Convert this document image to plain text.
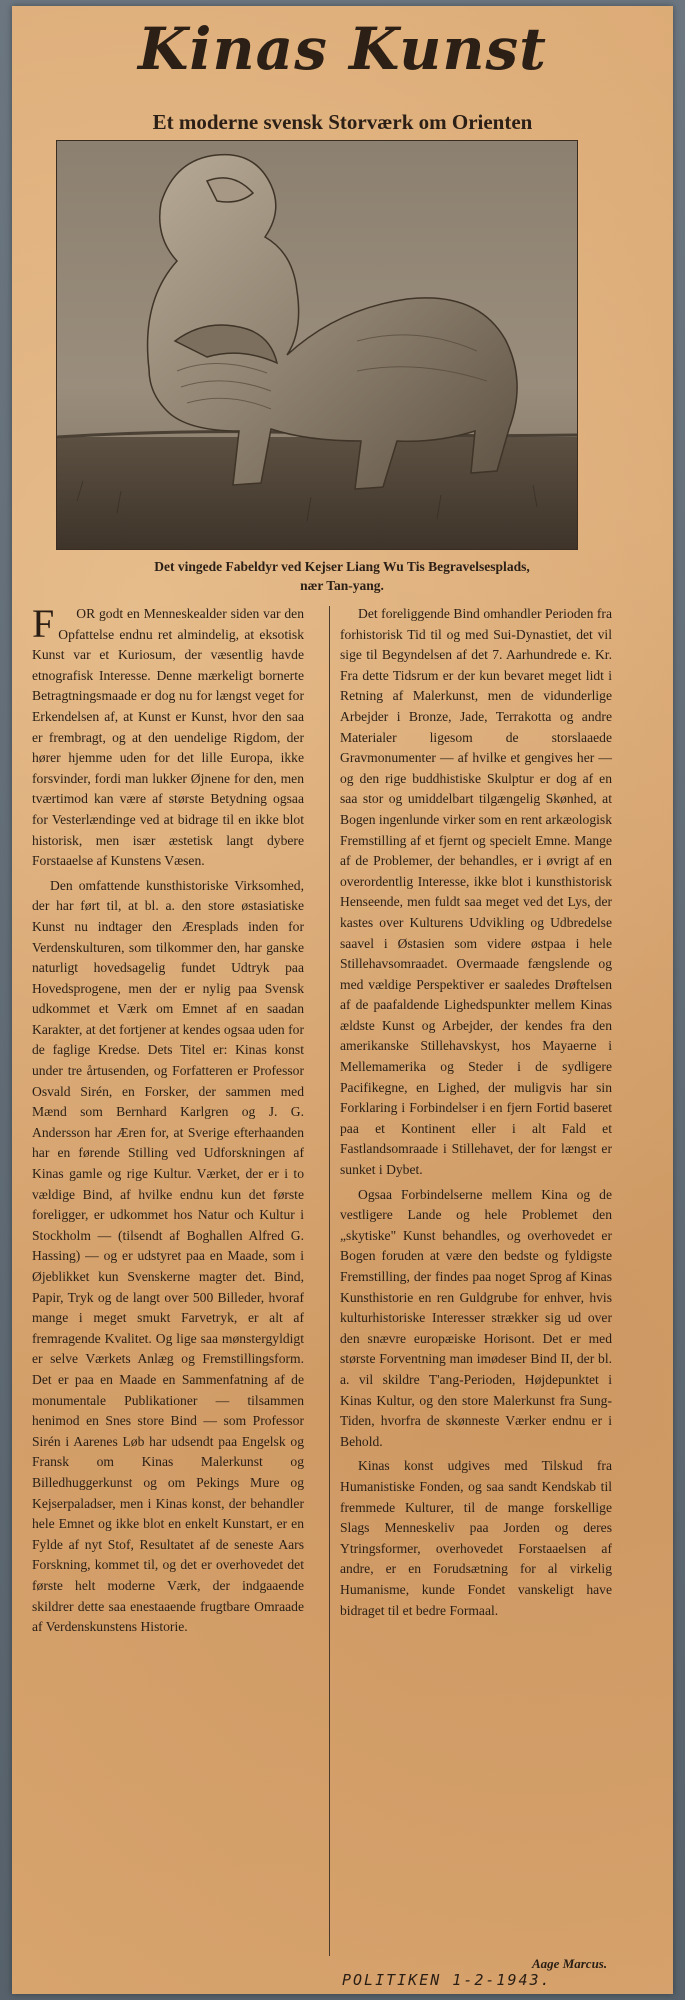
Kinas Kunst
Et moderne svensk Storværk om Orienten
Det vingede Fabeldyr ved Kejser Liang Wu Tis Begravelsesplads,
nær Tan-yang.

F OR godt en Menneskealder siden var den Opfattelse endnu ret almindelig, at eksotisk Kunst var et Kuriosum, der væsentlig havde etnografisk Interesse. Denne mærkeligt bornerte Betragtningsmaade er dog nu for længst veget for Erkendelsen af, at Kunst er Kunst, hvor den saa er frembragt, og at den uendelige Rigdom, der hører hjemme uden for det lille Europa, ikke forsvinder, fordi man lukker Øjnene for den, men tværtimod kan være af største Betydning ogsaa for Vesterlændinge ved at bidrage til en ikke blot historisk, men især æstetisk langt dybere Forstaaelse af Kunstens Væsen.

Den omfattende kunsthistoriske Virksomhed, der har ført til, at bl. a. den store østasiatiske Kunst nu indtager den Æresplads inden for Verdenskulturen, som tilkommer den, har ganske naturligt hovedsagelig fundet Udtryk paa Hovedsprogene, men der er nylig paa Svensk udkommet et Værk om Emnet af en saadan Karakter, at det fortjener at kendes ogsaa uden for de faglige Kredse. Dets Titel er: Kinas konst under tre årtusenden, og Forfatteren er Professor Osvald Sirén, en Forsker, der sammen med Mænd som Bernhard Karlgren og J. G. Andersson har Æren for, at Sverige efterhaanden har en førende Stilling ved Udforskningen af Kinas gamle og rige Kultur. Værket, der er i to vældige Bind, af hvilke endnu kun det første foreligger, er udkommet hos Natur och Kultur i Stockholm — (tilsendt af Boghallen Alfred G. Hassing) — og er udstyret paa en Maade, som i Øjeblikket kun Svenskerne magter det. Bind, Papir, Tryk og de langt over 500 Billeder, hvoraf mange i meget smukt Farvetryk, er alt af fremragende Kvalitet. Og lige saa mønstergyldigt er selve Værkets Anlæg og Fremstillingsform. Det er paa en Maade en Sammenfatning af de monumentale Publikationer — tilsammen henimod en Snes store Bind — som Professor Sirén i Aarenes Løb har udsendt paa Engelsk og Fransk om Kinas Malerkunst og Billedhuggerkunst og om Pekings Mure og Kejserpaladser, men i Kinas konst, der behandler hele Emnet og ikke blot en enkelt Kunstart, er en Fylde af nyt Stof, Resultatet af de seneste Aars Forskning, kommet til, og det er overhovedet det første helt moderne Værk, der indgaaende skildrer dette saa enestaaende frugtbare Omraade af Verdenskunstens Historie.

Det foreliggende Bind omhandler Perioden fra forhistorisk Tid til og med Sui-Dynastiet, det vil sige til Begyndelsen af det 7. Aarhundrede e. Kr. Fra dette Tidsrum er der kun bevaret meget lidt i Retning af Malerkunst, men de vidunderlige Arbejder i Bronze, Jade, Terrakotta og andre Materialer ligesom de storslaaede Gravmonumenter — af hvilke et gengives her — og den rige buddhistiske Skulptur er dog af en saa stor og umiddelbart tilgængelig Skønhed, at Bogen ingenlunde virker som en rent arkæologisk Fremstilling af et fjernt og specielt Emne. Mange af de Problemer, der behandles, er i øvrigt af en overordentlig Interesse, ikke blot i kunsthistorisk Henseende, men fuldt saa meget ved det Lys, der kastes over Kulturens Udvikling og Udbredelse saavel i Østasien som videre østpaa i hele Stillehavsomraadet. Overmaade fængslende og med vældige Perspektiver er saaledes Drøftelsen af de paafaldende Lighedspunkter mellem Kinas ældste Kunst og Arbejder, der kendes fra den amerikanske Stillehavskyst, hos Mayaerne i Mellemamerika og Steder i de sydligere Pacifikegne, en Lighed, der muligvis har sin Forklaring i Forbindelser i en fjern Fortid baseret paa et Kontinent eller i alt Fald et Fastlandsomraade i Stillehavet, der for længst er sunket i Dybet.

Ogsaa Forbindelserne mellem Kina og de vestligere Lande og hele Problemet den „skytiske" Kunst behandles, og overhovedet er Bogen foruden at være den bedste og fyldigste Fremstilling, der findes paa noget Sprog af Kinas Kunsthistorie en ren Guldgrube for enhver, hvis kulturhistoriske Interesser strækker sig ud over den snævre europæiske Horisont. Det er med største Forventning man imødeser Bind II, der bl. a. vil skildre T'ang-Perioden, Højdepunktet i Kinas Kultur, og den store Malerkunst fra Sung-Tiden, hvorfra de skønneste Værker endnu er i Behold.

Kinas konst udgives med Tilskud fra Humanistiske Fonden, og saa sandt Kendskab til fremmede Kulturer, til de mange forskellige Slags Menneskeliv paa Jorden og deres Ytringsformer, overhovedet Forstaaelsen af andre, er en Forudsætning for al virkelig Humanisme, kunde Fondet vanskeligt have bidraget til et bedre Formaal.

Aage Marcus.
POLITIKEN 1-2-1943.
